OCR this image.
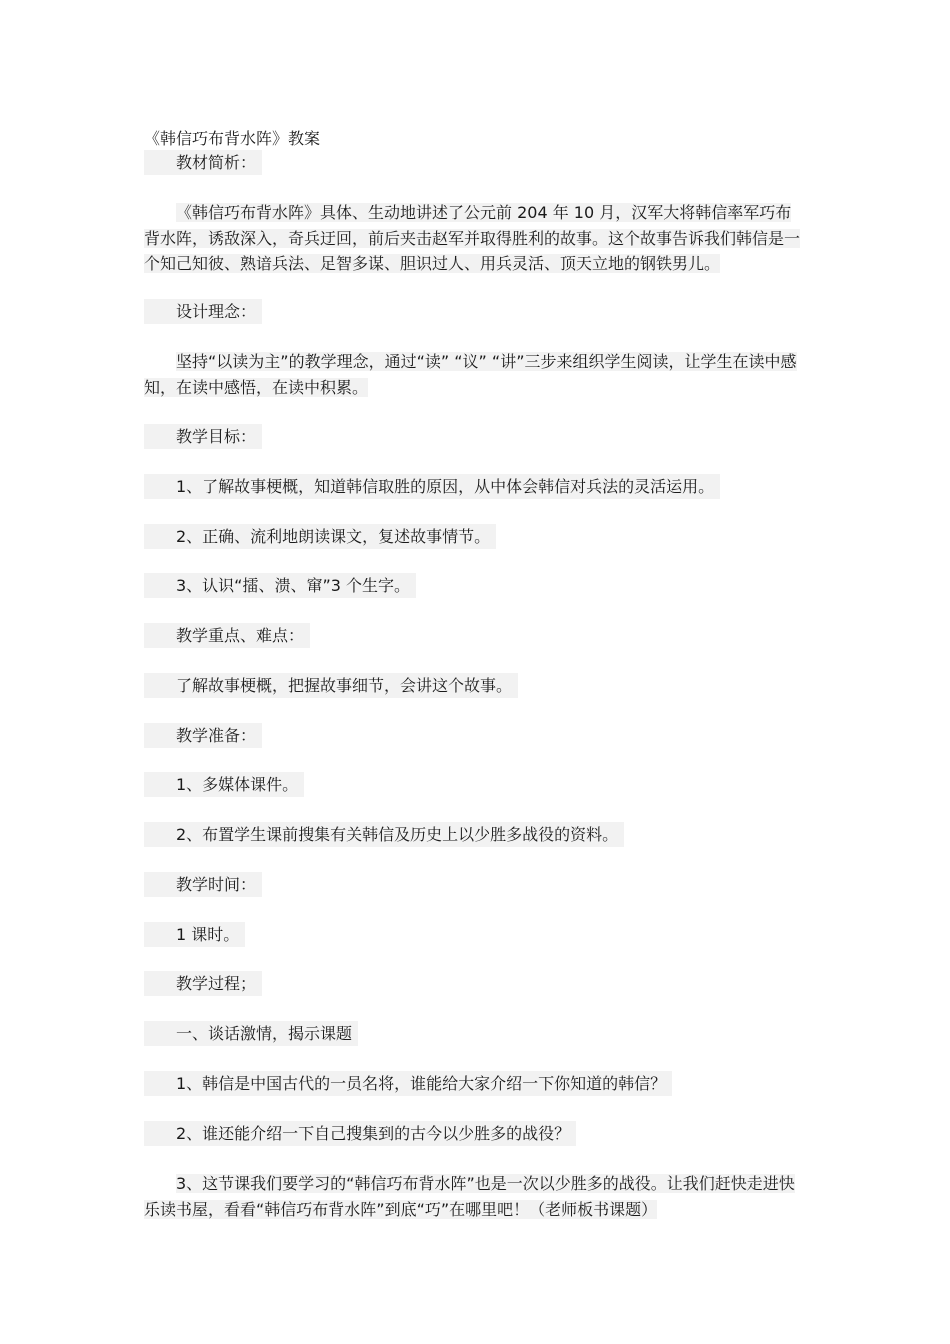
《韩信巧布背水阵》教案

教材简析：

《韩信巧布背水阵》具体、生动地讲述了公元前 204 年 10 月，汉军大将韩信率军巧布背水阵，诱敌深入，奇兵迂回，前后夹击赵军并取得胜利的故事。这个故事告诉我们韩信是一个知己知彼、熟谙兵法、足智多谋、胆识过人、用兵灵活、顶天立地的钢铁男儿。

设计理念：

坚持“以读为主”的教学理念，通过“读” “议” “讲”三步来组织学生阅读，让学生在读中感知，在读中感悟，在读中积累。

教学目标：

1、了解故事梗概，知道韩信取胜的原因，从中体会韩信对兵法的灵活运用。

2、正确、流利地朗读课文，复述故事情节。

3、认识“擂、溃、窜”3 个生字。

教学重点、难点：

了解故事梗概，把握故事细节，会讲这个故事。

教学准备：

1、多媒体课件。

2、布置学生课前搜集有关韩信及历史上以少胜多战役的资料。

教学时间：

1 课时。

教学过程；

一、谈话激情，揭示课题

1、韩信是中国古代的一员名将，谁能给大家介绍一下你知道的韩信？

2、谁还能介绍一下自己搜集到的古今以少胜多的战役？

3、这节课我们要学习的“韩信巧布背水阵”也是一次以少胜多的战役。让我们赶快走进快乐读书屋，看看“韩信巧布背水阵”到底“巧”在哪里吧！（老师板书课题）
